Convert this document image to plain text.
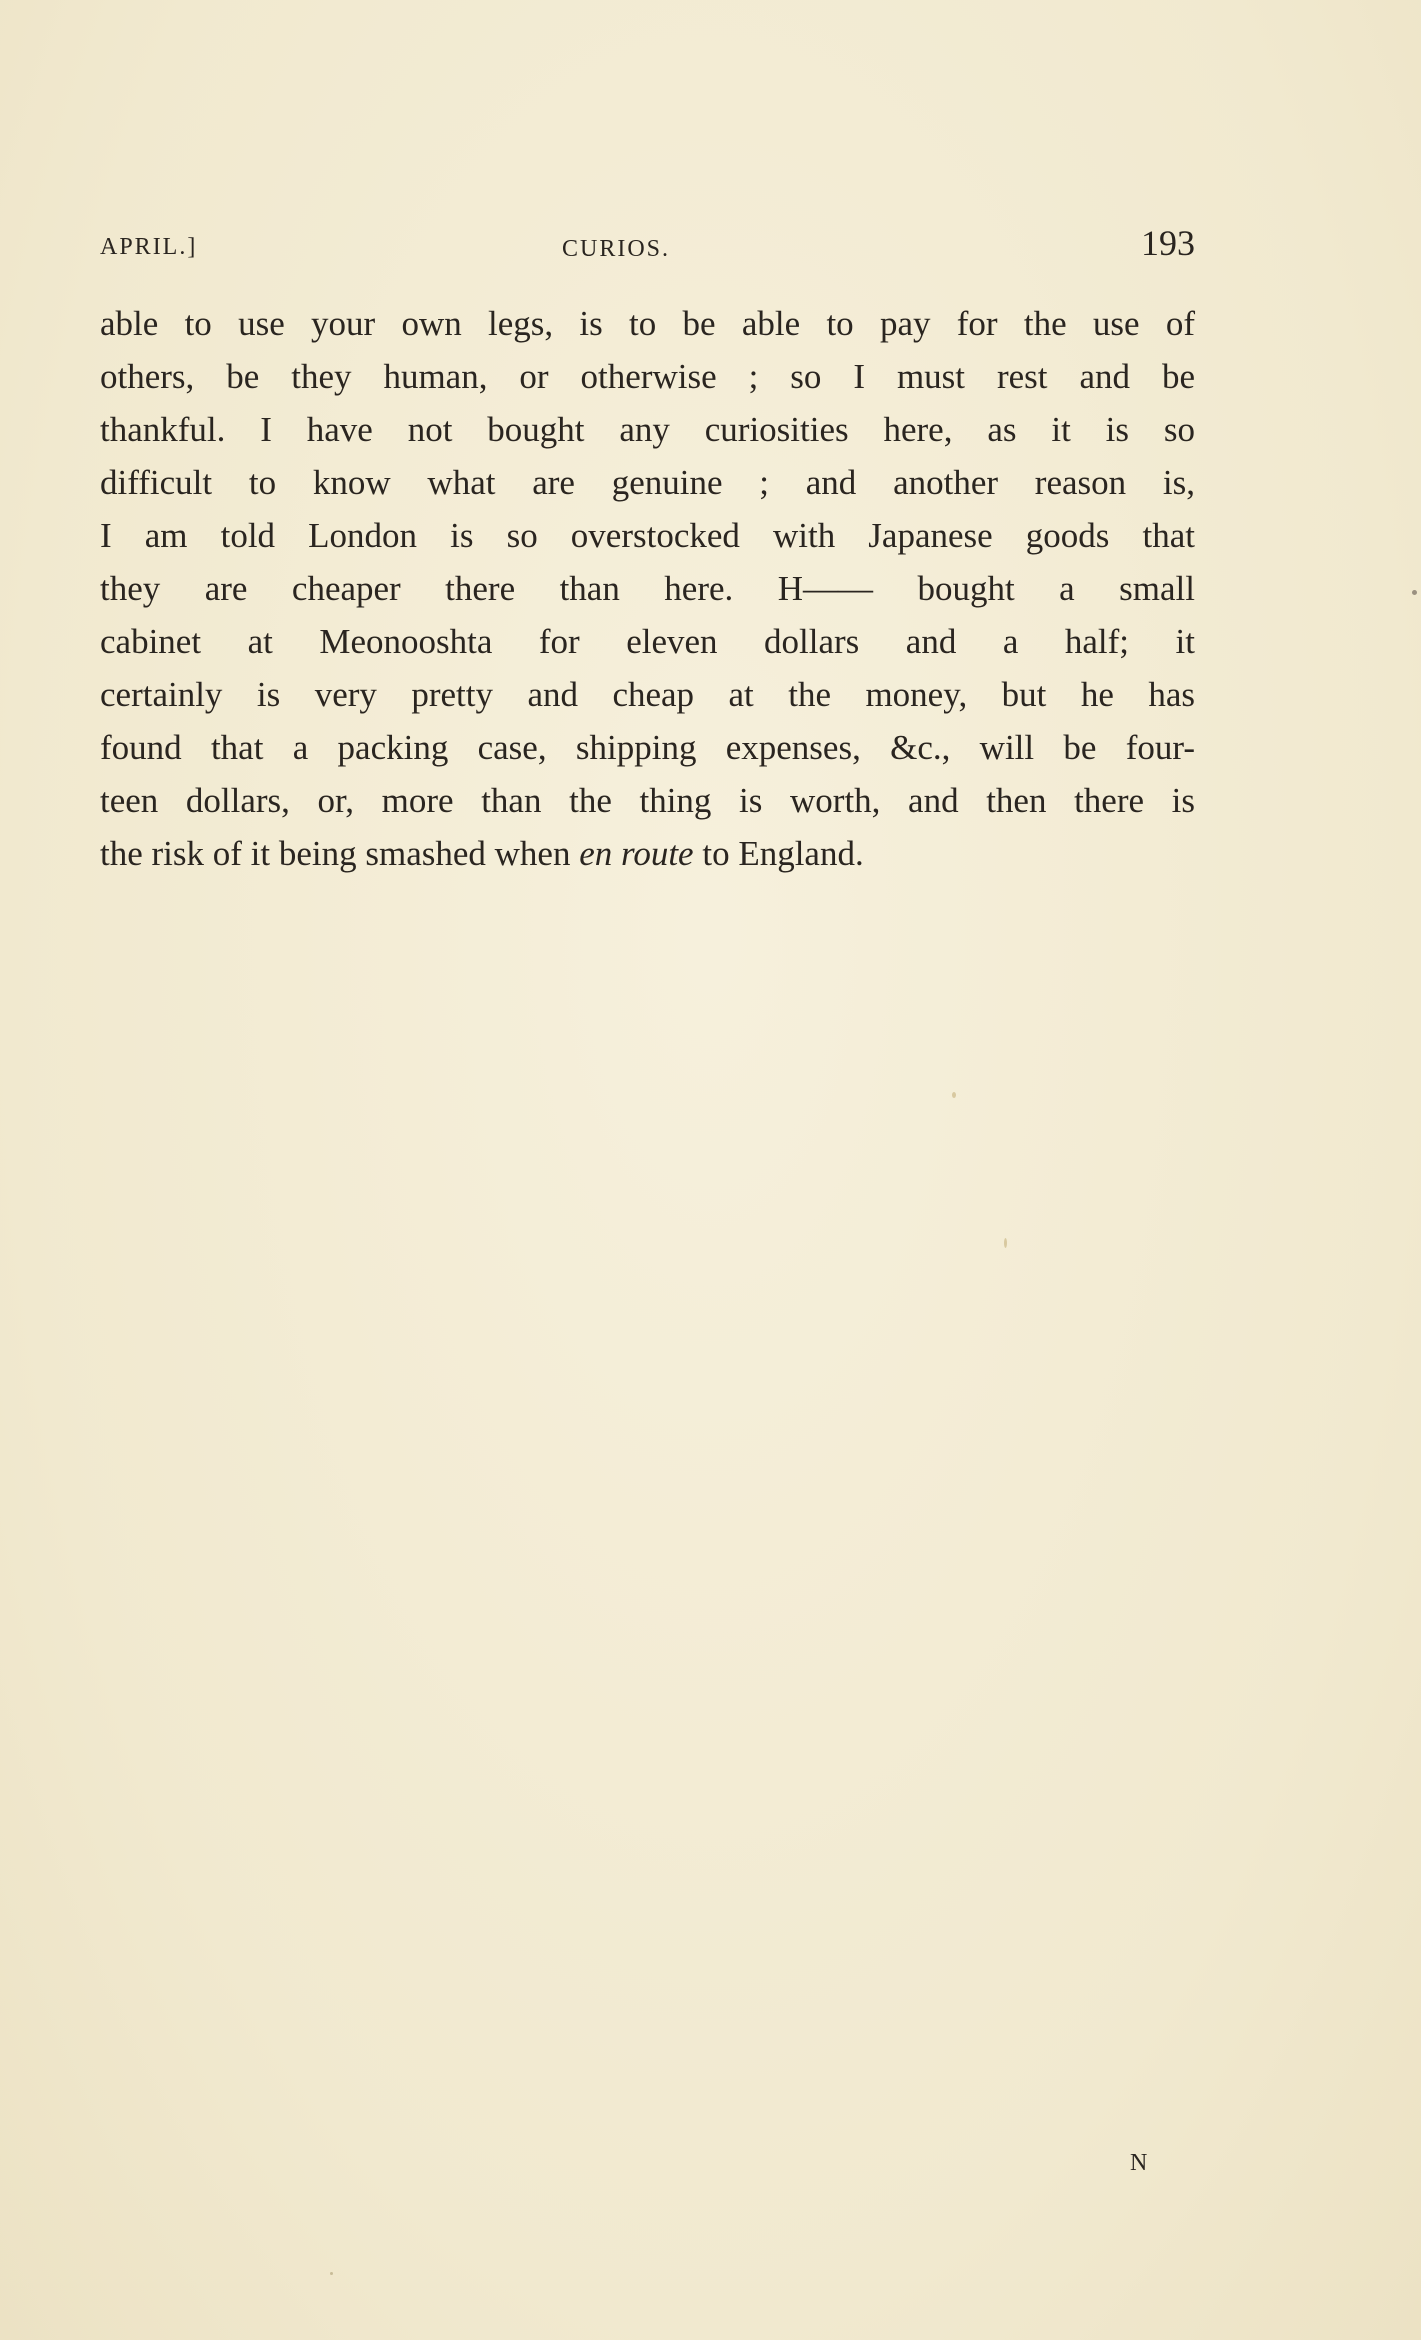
APRIL.]	CURIOS.	193
able to use your own legs, is to be able to pay for the use of
others, be they human, or otherwise ; so I must rest and be
thankful. I have not bought any curiosities here, as it is so
difficult to know what are genuine ; and another reason is,
I am told London is so overstocked with Japanese goods that
they are cheaper there than here. H—— bought a small
cabinet at Meonooshta for eleven dollars and a half; it
certainly is very pretty and cheap at the money, but he has
found that a packing case, shipping expenses, &c., will be four-
teen dollars, or, more than the thing is worth, and then there is
the risk of it being smashed when en route to England.
N
